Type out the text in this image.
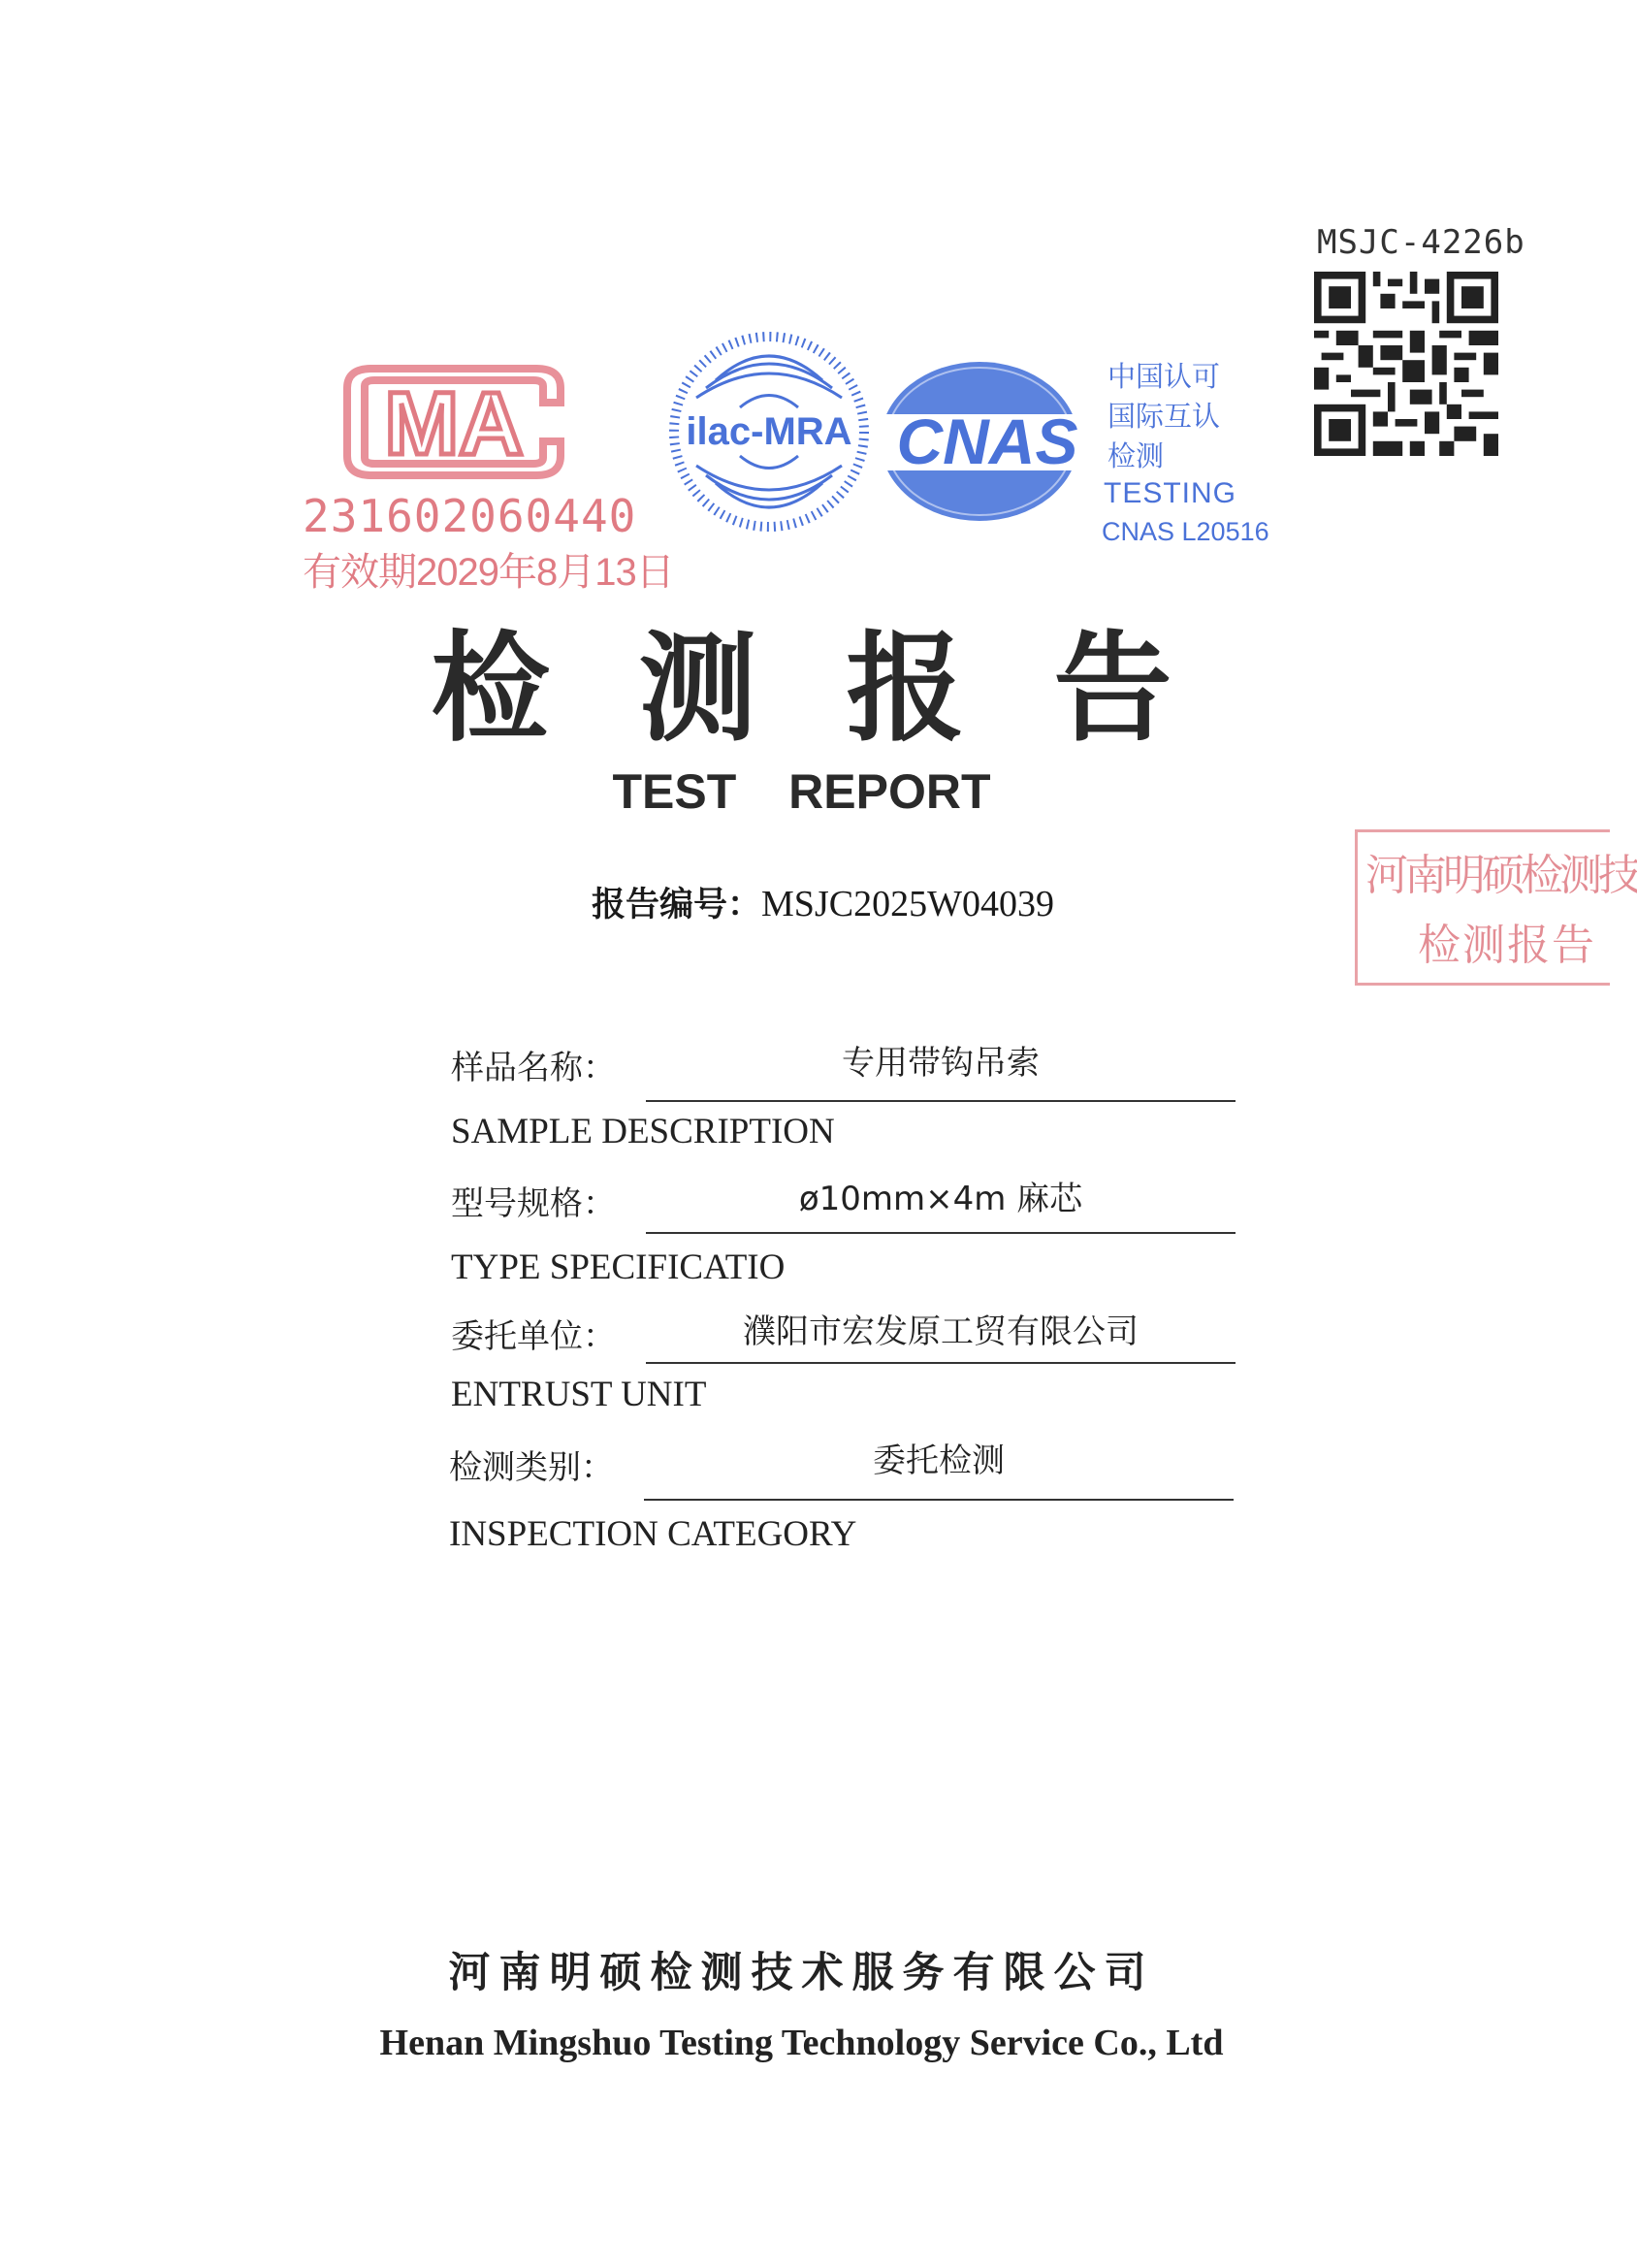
MSJC-4226b
MA
231602060440
有效期2029年8月13日
ilac-MRA CNAS
中国认可
国际互认
检测
TESTING
CNAS L20516
检测报告
TEST REPORT
报告编号：MSJC2025W04039
河南明硕检测技
检测报告
样品名称：	专用带钩吊索
SAMPLE DESCRIPTION
型号规格：	ø10mm×4m 麻芯
TYPE SPECIFICATIO
委托单位：	濮阳市宏发原工贸有限公司
ENTRUST UNIT
检测类别：	委托检测
INSPECTION CATEGORY
河南明硕检测技术服务有限公司
Henan Mingshuo Testing Technology Service Co., Ltd
